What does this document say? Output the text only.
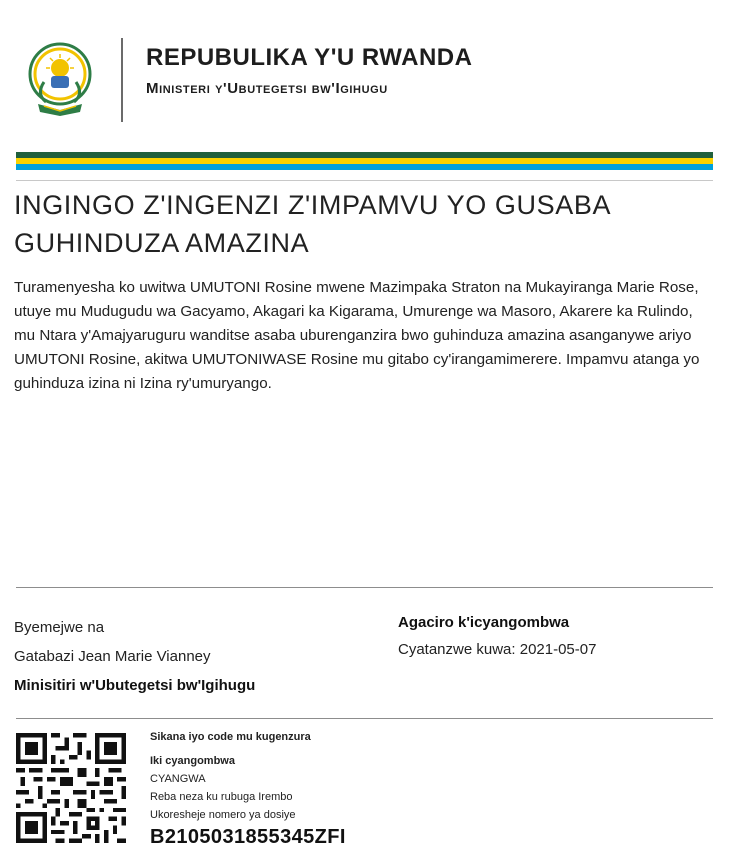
REPUBULIKA Y'U RWANDA
Ministeri y'Ubutegetsi bw'Igihugu
INGINGO Z'INGENZI Z'IMPAMVU YO GUSABA
GUHINDUZA AMAZINA
Turamenyesha ko uwitwa UMUTONI Rosine mwene Mazimpaka Straton na Mukayiranga Marie Rose, utuye mu Mudugudu wa Gacyamo, Akagari ka Kigarama, Umurenge wa Masoro, Akarere ka Rulindo, mu Ntara y'Amajyaruguru wanditse asaba uburenganzira bwo guhinduza amazina asanganywe ariyo UMUTONI Rosine, akitwa UMUTONIWASE Rosine mu gitabo cy'irangamimerere. Impamvu atanga yo guhinduza izina ni Izina ry'umuryango.
Byemejwe na
Gatabazi Jean Marie Vianney
Minisitiri w'Ubutegetsi bw'Igihugu
Agaciro k'icyangombwa
Cyatanzwe kuwa: 2021-05-07
Sikana iyo code mu kugenzura
Iki cyangombwa
CYANGWA
Reba neza ku rubuga Irembo
Ukoresheje nomero ya dosiye
B2105031855345ZFI
